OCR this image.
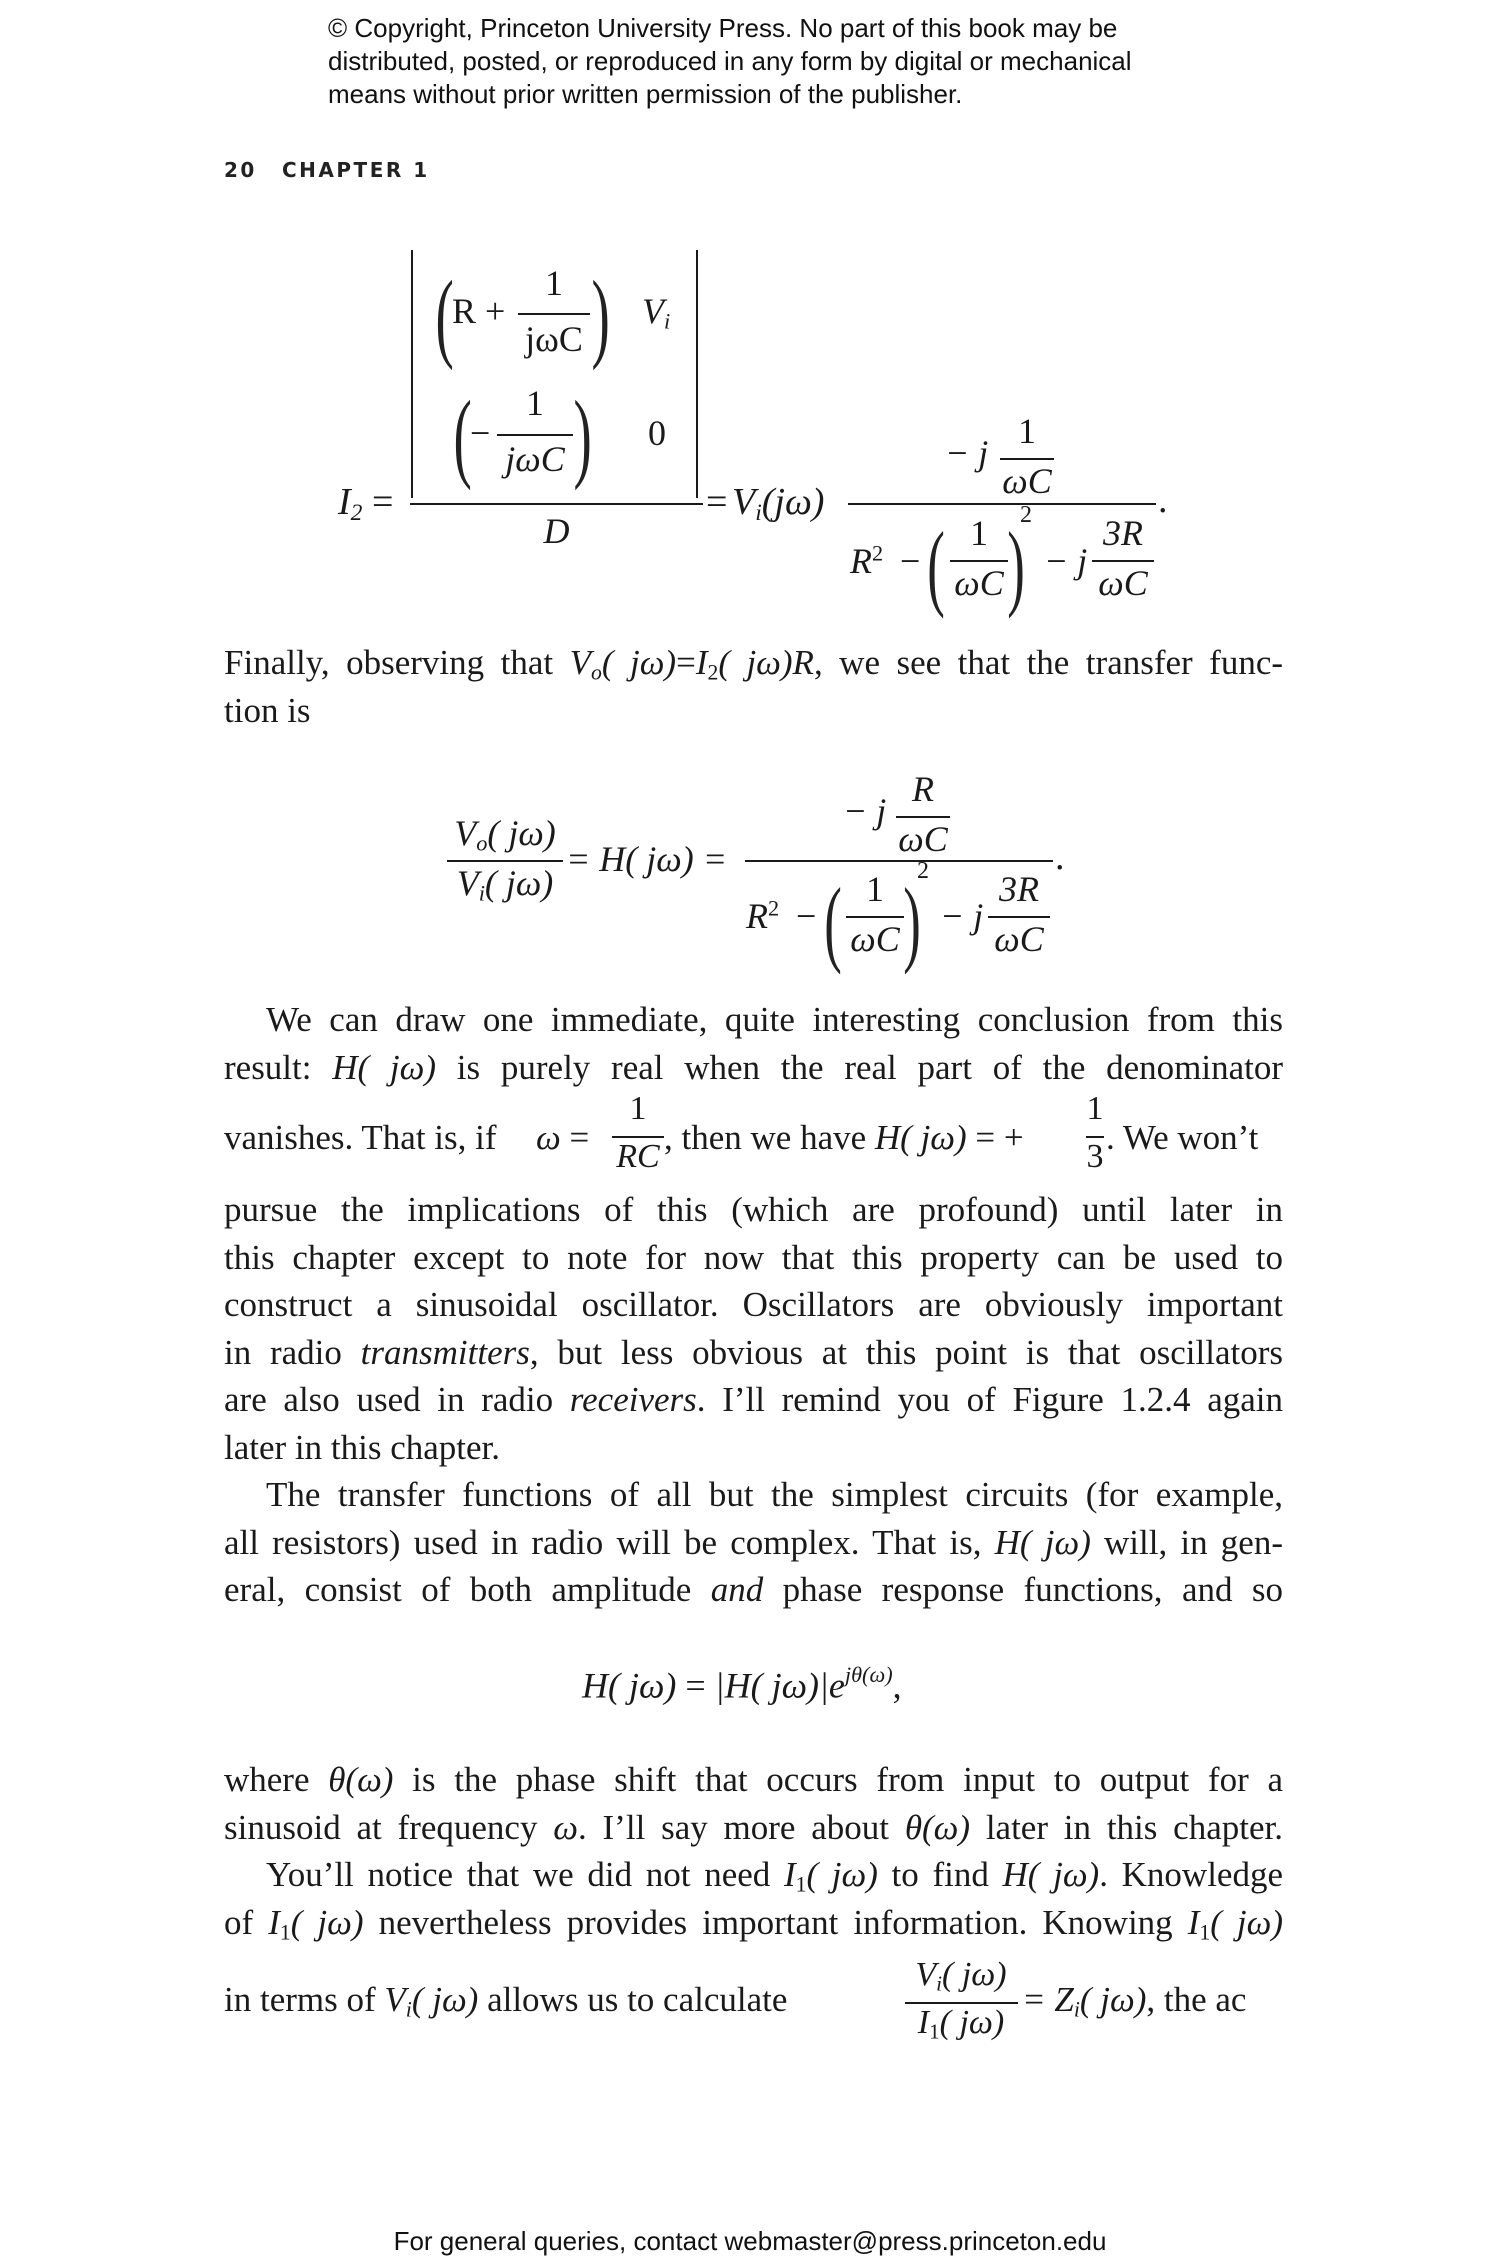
© Copyright, Princeton University Press. No part of this book may be
distributed, posted, or reproduced in any form by digital or mechanical
means without prior written permission of the publisher.
20 CHAPTER 1
$I_2$ =
(
R +
1
jωC ) $V_i$
(
−
1
jωC ) 0
D
= $V_i(j\omega)$
− j
1
ωC	.
$R^2$ − ( 1
ωC )
2
− j
3R
ωC
Finally, observing that $V_o$( $j\omega)=I_2$( jω)R, we see that the transfer func-
tion is
$V_o$( jω)
$V_i$( jω)
= H( jω) =
− j
R
ωC	.
$R^2$ − ( 1
ωC )
2
− j
3R
ωC
We can draw one immediate, quite interesting conclusion from this
result: H( jω) is purely real when the real part of the denominator
vanishes. That is, if ω =
1
RC , then we have H( jω) = +
1
3 . We won’t
pursue the implications of this (which are profound) until later in
this chapter except to note for now that this property can be used to
construct a sinusoidal oscillator. Oscillators are obviously important
in radio transmitters, but less obvious at this point is that oscillators
are also used in radio receivers. I’ll remind you of Figure 1.2.4 again
later in this chapter.
The transfer functions of all but the simplest circuits (for example,
all resistors) used in radio will be complex. That is, H( jω) will, in gen-
eral, consist of both amplitude and phase response functions, and so
H( jω) = |H( $j\omega)|e^{j\theta(\omega)}$,
where θ(ω) is the phase shift that occurs from input to output for a
sinusoid at frequency ω. I’ll say more about θ(ω) later in this chapter.
You’ll notice that we did not need $I_1$( jω) to find H( jω). Knowledge
of $I_1$( jω) nevertheless provides important information. Knowing $I_1$( jω)
in terms of $V_i$( jω) allows us to calculate
$V_i$( jω)
$I_1$( jω)
= $Z_i$( jω), the ac
For general queries, contact webmaster@press.princeton.edu
